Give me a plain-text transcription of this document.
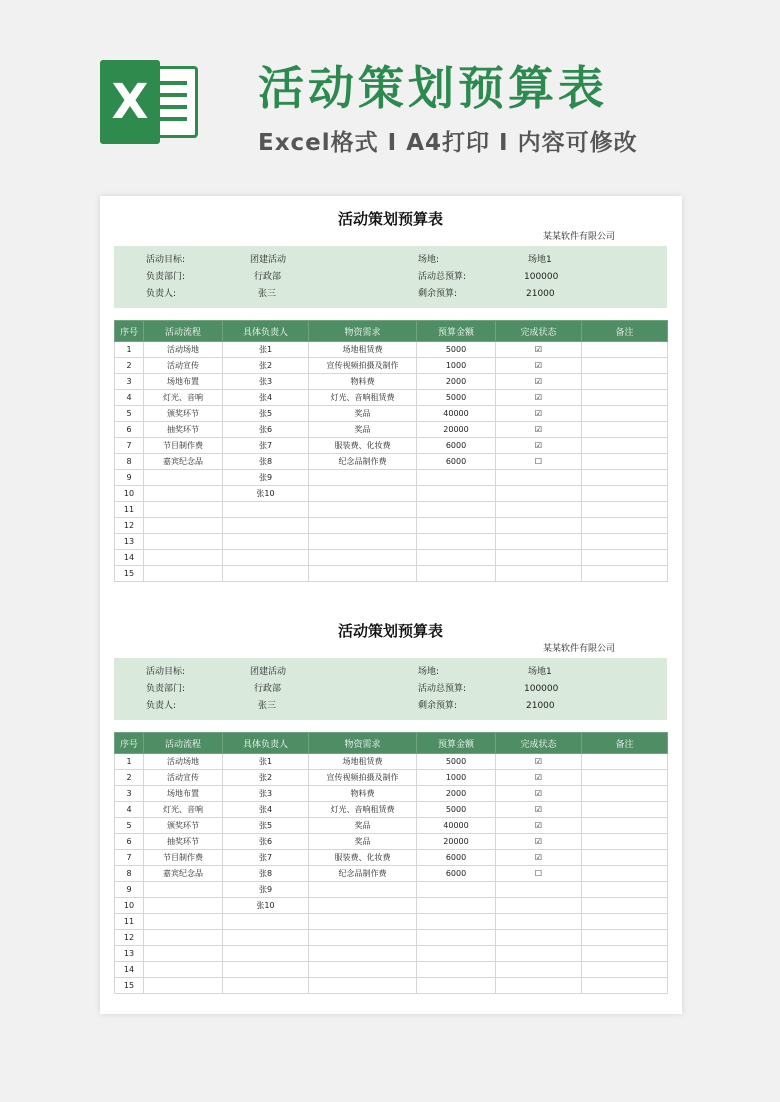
X 活动策划预算表
Excel格式 I A4打印 I 内容可修改
活动策划预算表
某某软件有限公司
活动目标:	团建活动
负责部门:	行政部
负责人:	张三
场地:	场地1
活动总预算:	100000
剩余预算:	21000
序号	活动流程	具体负责人	物资需求	预算金额	完成状态	备注
1	活动场地	张1	场地租赁费	5000	☑	
2	活动宣传	张2	宣传视频拍摄及制作	1000	☑	
3	场地布置	张3	物料费	2000	☑	
4	灯光、音响	张4	灯光、音响租赁费	5000	☑	
5	颁奖环节	张5	奖品	40000	☑	
6	抽奖环节	张6	奖品	20000	☑	
7	节目制作费	张7	服装费、化妆费	6000	☑	
8	嘉宾纪念品	张8	纪念品制作费	6000	☐	
9		张9				
10		张10				
11						
12						
13						
14						
15						
活动策划预算表
某某软件有限公司
活动目标:	团建活动
负责部门:	行政部
负责人:	张三
场地:	场地1
活动总预算:	100000
剩余预算:	21000
序号	活动流程	具体负责人	物资需求	预算金额	完成状态	备注
1	活动场地	张1	场地租赁费	5000	☑	
2	活动宣传	张2	宣传视频拍摄及制作	1000	☑	
3	场地布置	张3	物料费	2000	☑	
4	灯光、音响	张4	灯光、音响租赁费	5000	☑	
5	颁奖环节	张5	奖品	40000	☑	
6	抽奖环节	张6	奖品	20000	☑	
7	节目制作费	张7	服装费、化妆费	6000	☑	
8	嘉宾纪念品	张8	纪念品制作费	6000	☐	
9		张9				
10		张10				
11						
12						
13						
14						
15						
